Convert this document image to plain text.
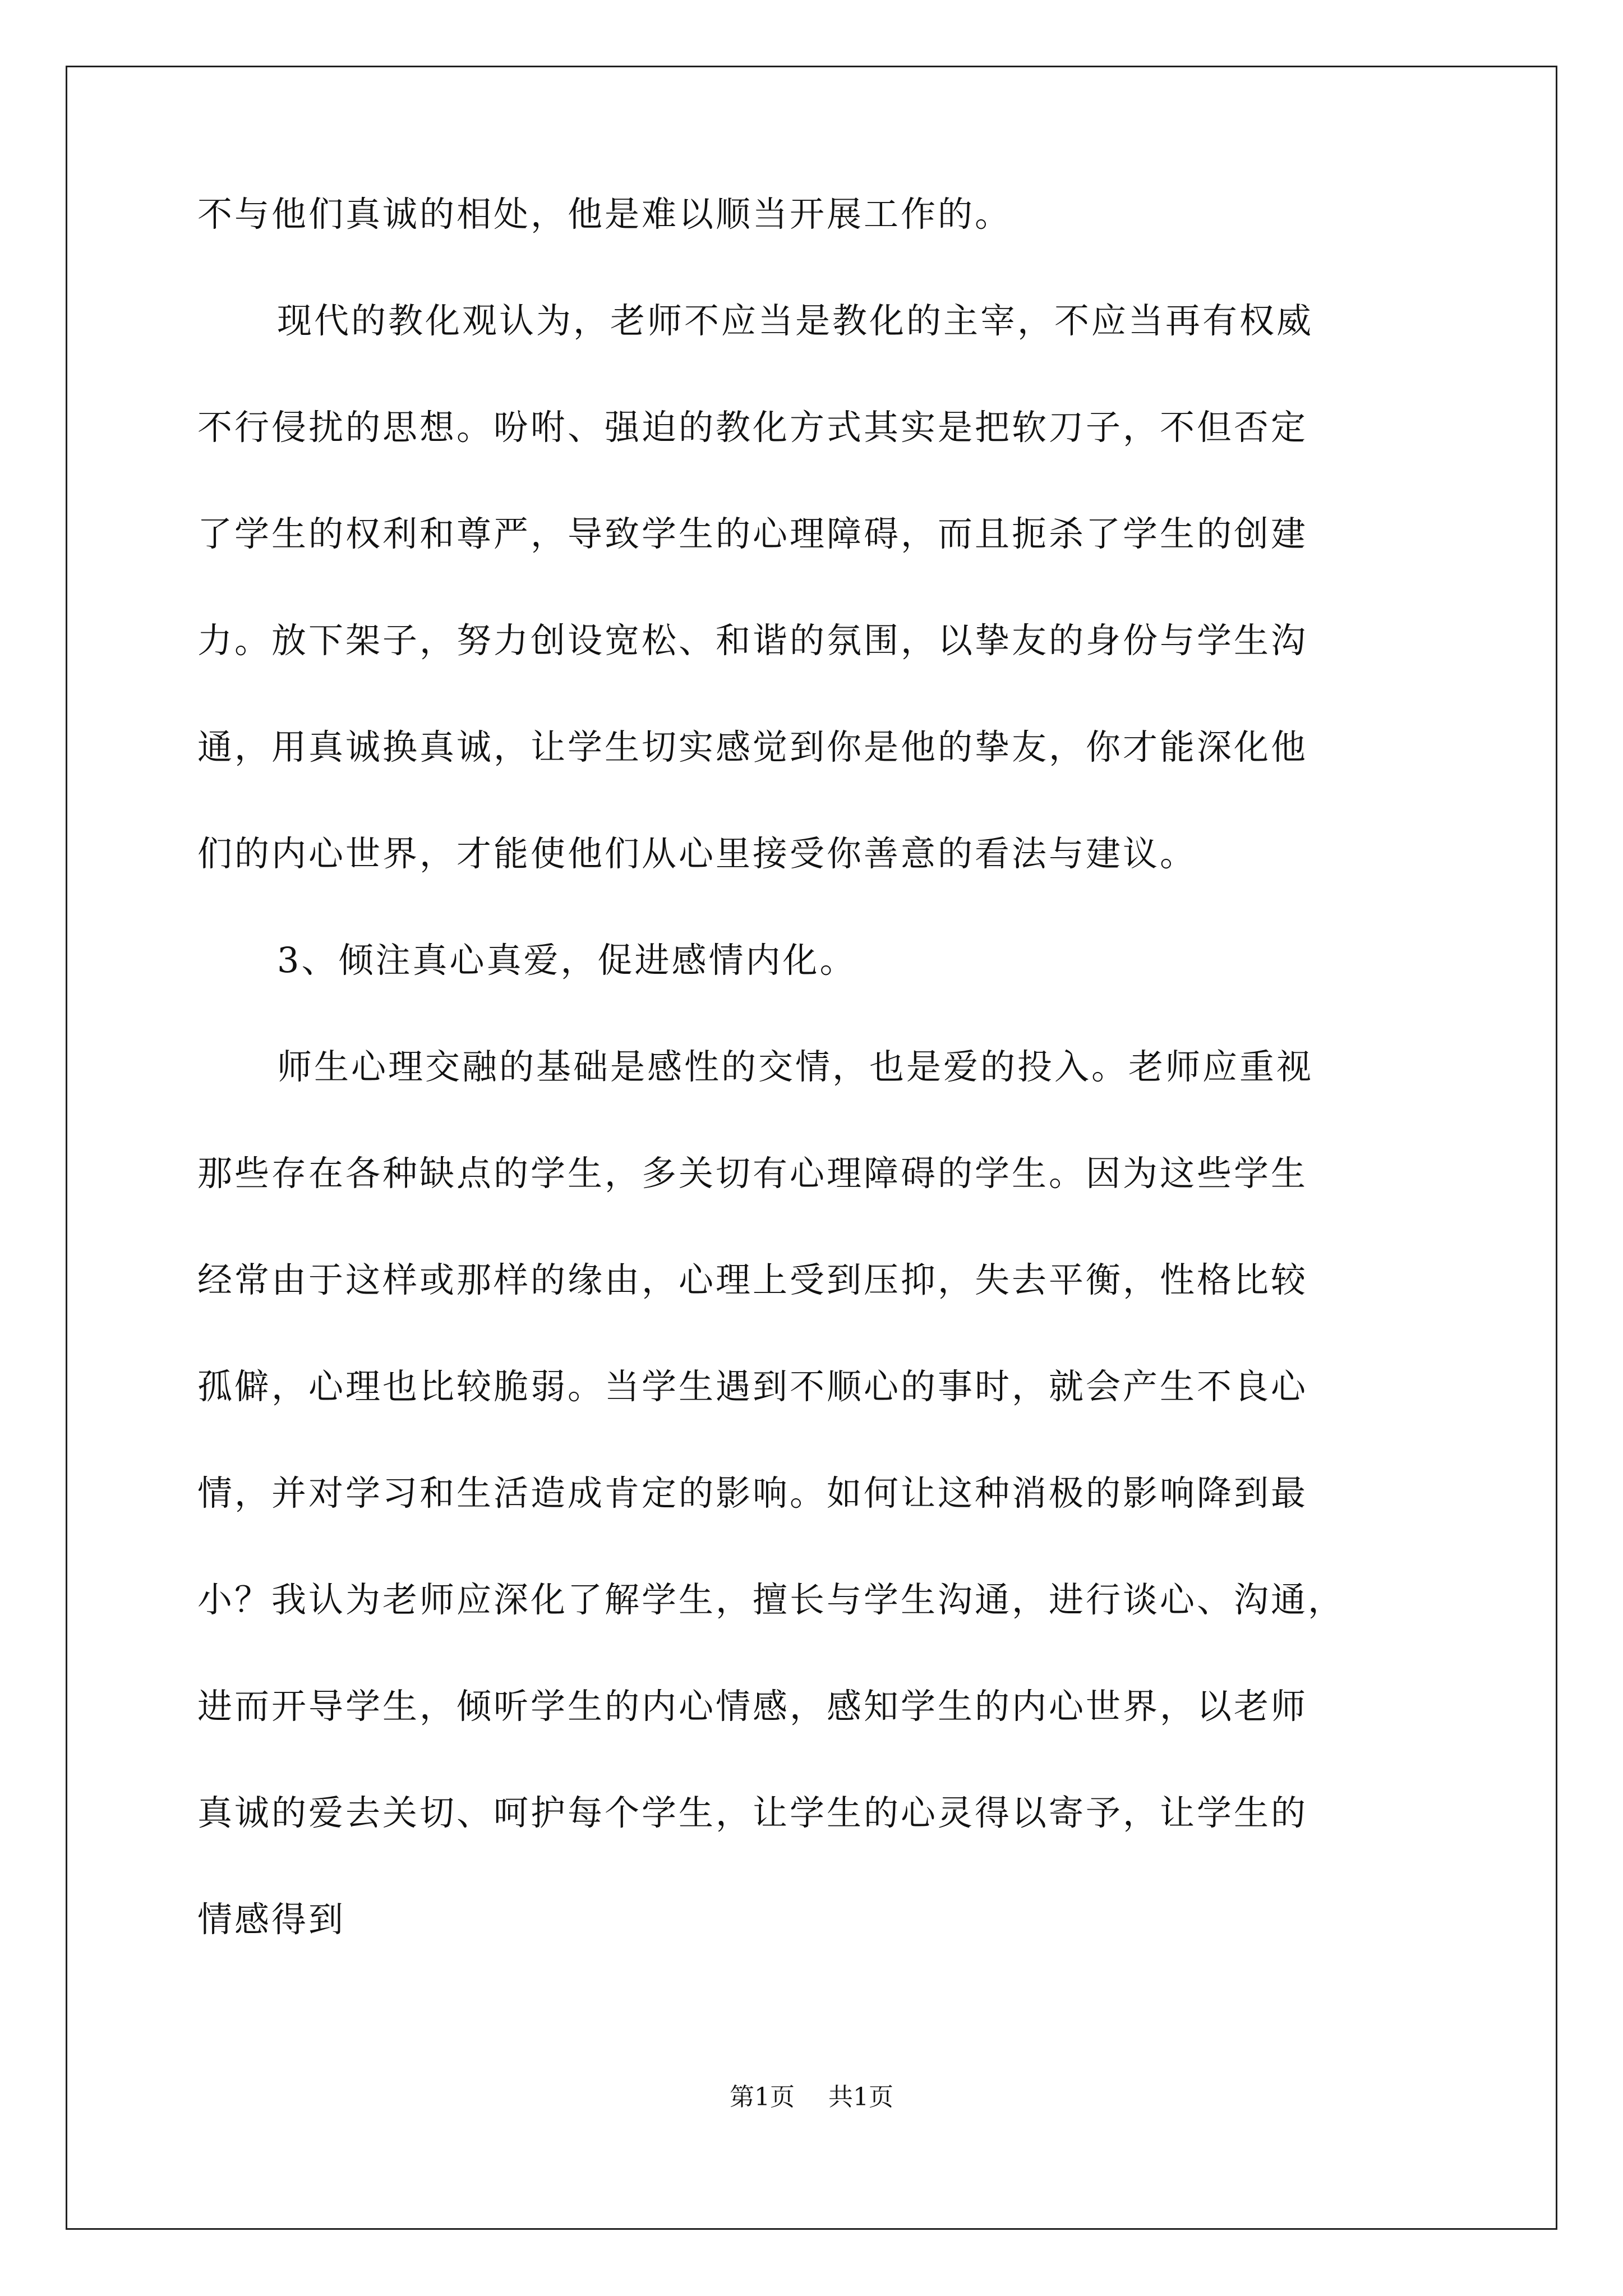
不与他们真诚的相处，他是难以顺当开展工作的。

现代的教化观认为，老师不应当是教化的主宰，不应当再有权威

不行侵扰的思想。吩咐、强迫的教化方式其实是把软刀子，不但否定

了学生的权利和尊严，导致学生的心理障碍，而且扼杀了学生的创建

力。放下架子，努力创设宽松、和谐的氛围，以挚友的身份与学生沟

通，用真诚换真诚，让学生切实感觉到你是他的挚友，你才能深化他

们的内心世界，才能使他们从心里接受你善意的看法与建议。

3、倾注真心真爱，促进感情内化。

师生心理交融的基础是感性的交情，也是爱的投入。老师应重视

那些存在各种缺点的学生，多关切有心理障碍的学生。因为这些学生

经常由于这样或那样的缘由，心理上受到压抑，失去平衡，性格比较

孤僻，心理也比较脆弱。当学生遇到不顺心的事时，就会产生不良心

情，并对学习和生活造成肯定的影响。如何让这种消极的影响降到最

小？我认为老师应深化了解学生，擅长与学生沟通，进行谈心、沟通，

进而开导学生，倾听学生的内心情感，感知学生的内心世界，以老师

真诚的爱去关切、呵护每个学生，让学生的心灵得以寄予，让学生的

情感得到

第1页 共1页
